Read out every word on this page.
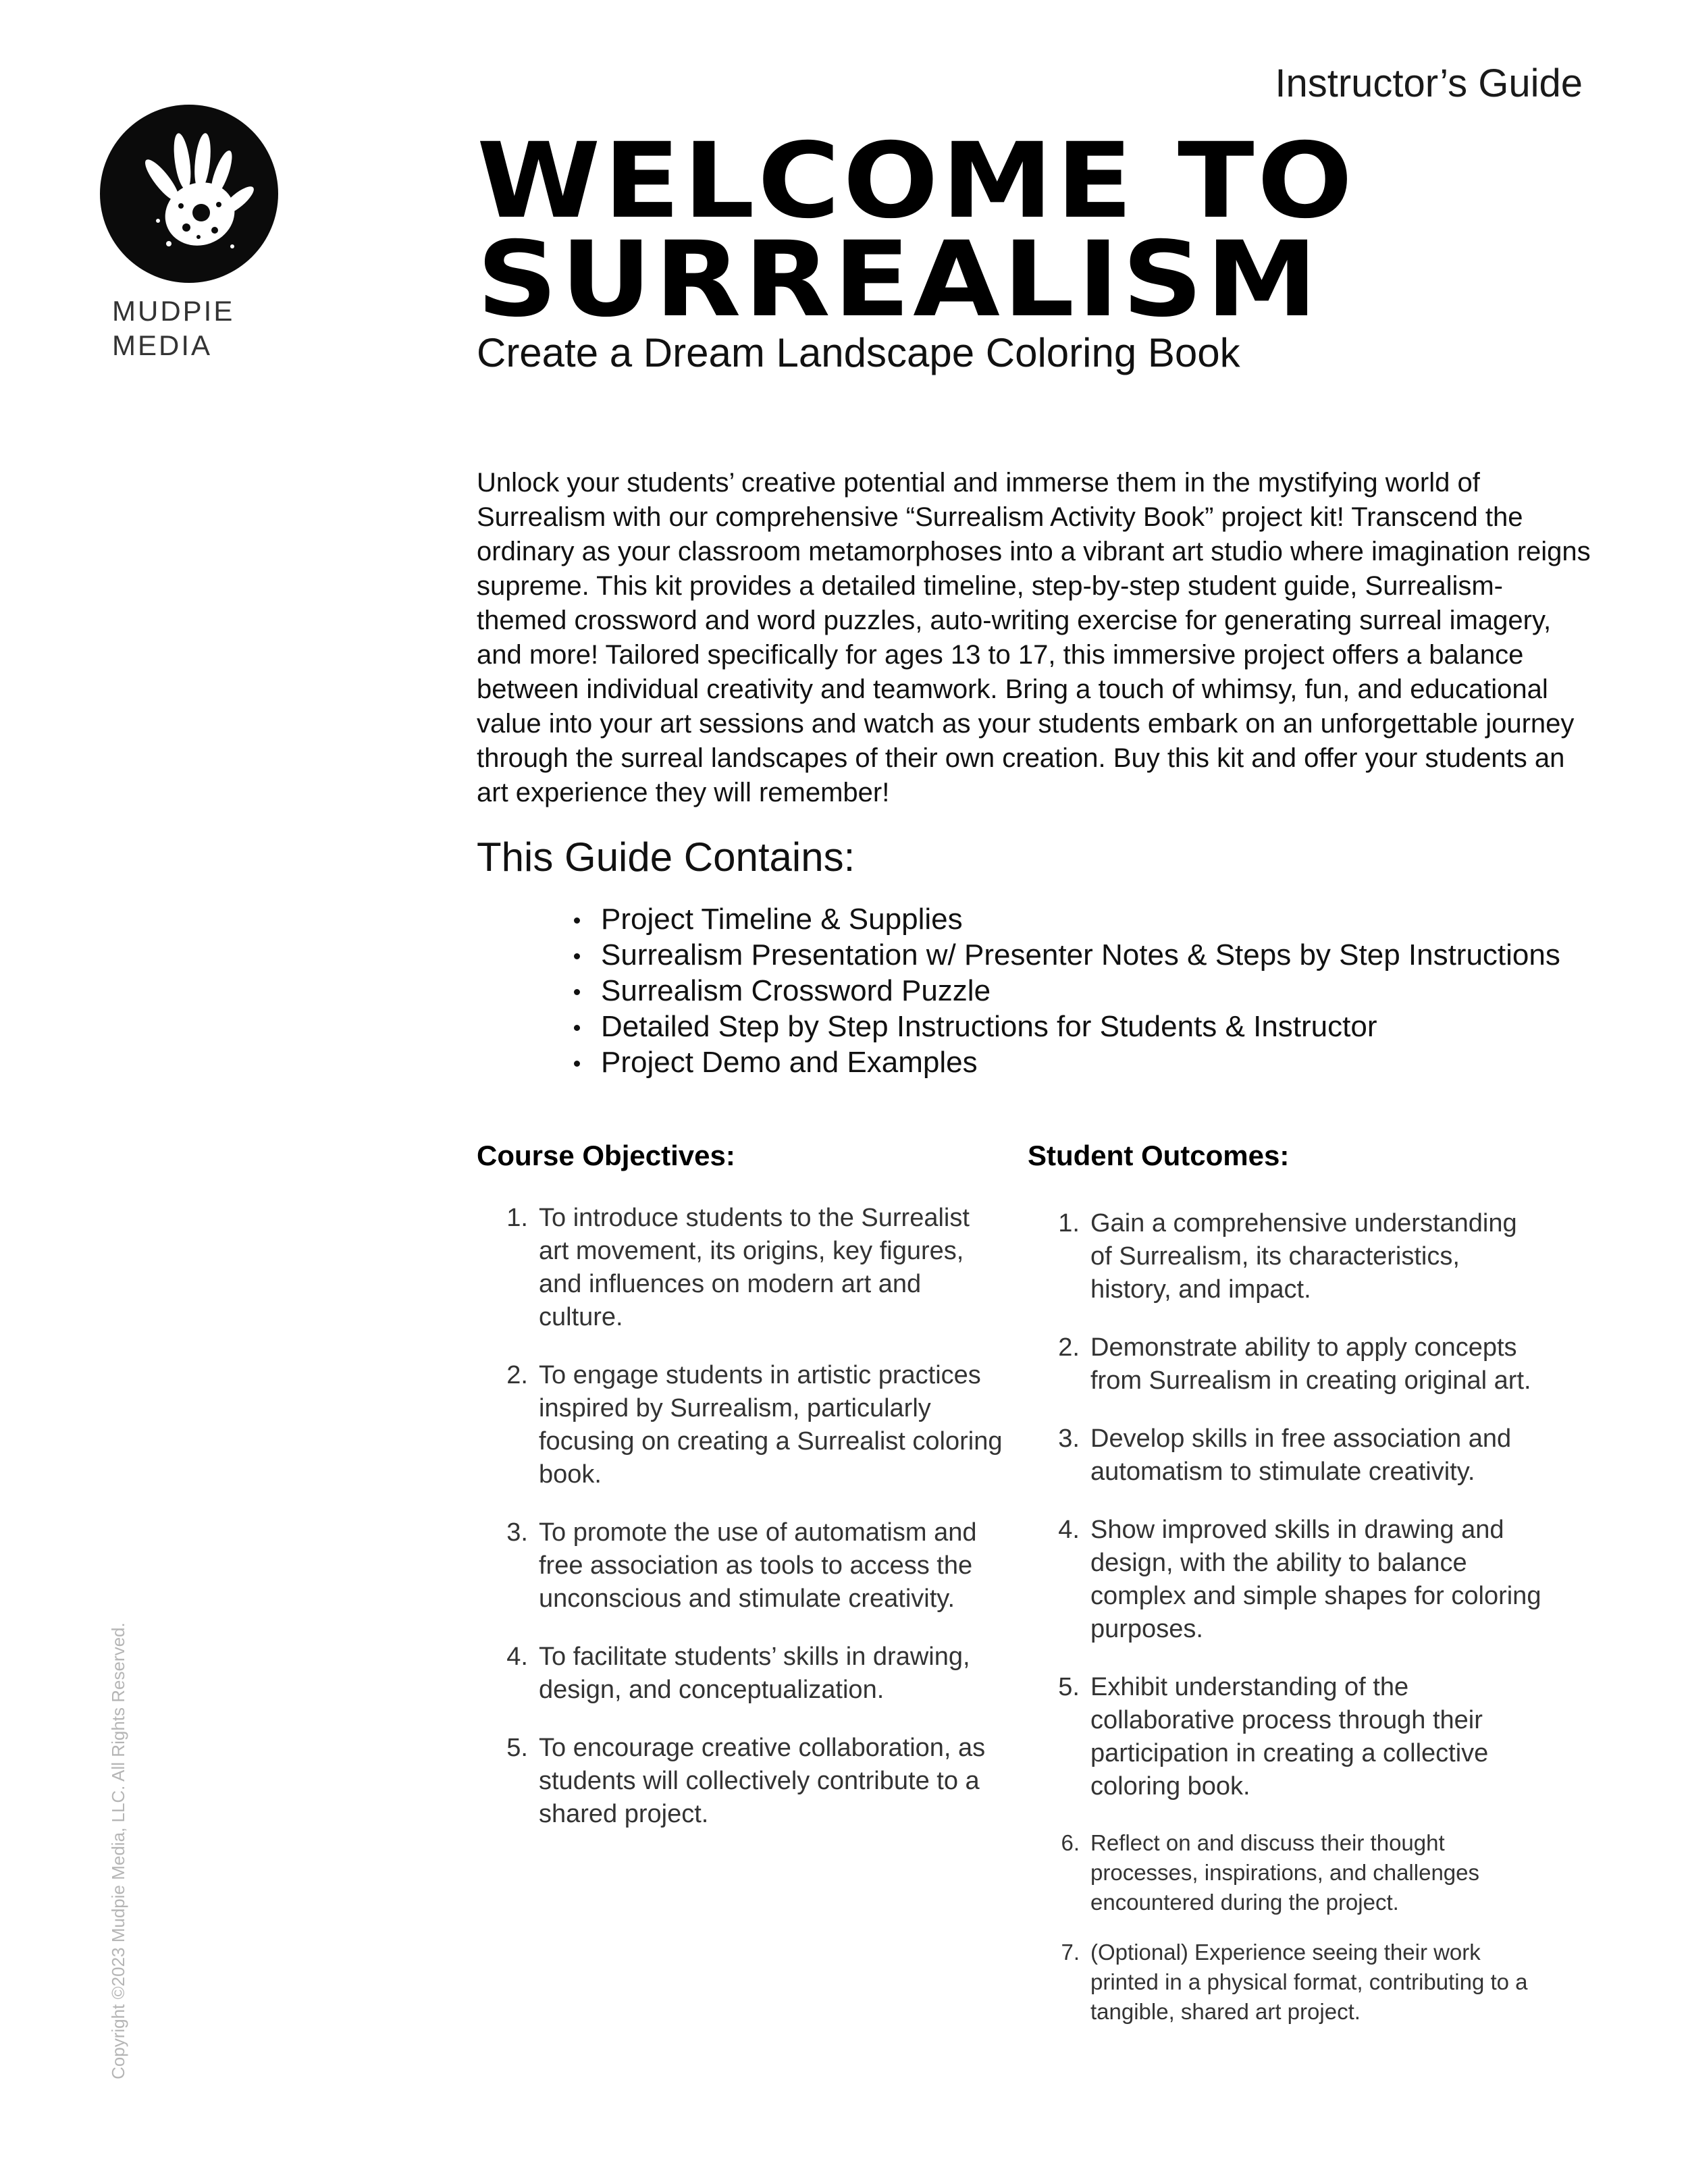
Instructor’s Guide
MUDPIE
MEDIA
WELCOME TO
SURREALISM
Create a Dream Landscape Coloring Book

Unlock your students’ creative potential and immerse them in the mystifying world of Surrealism with our comprehensive “Surrealism Activity Book” project kit! Transcend the ordinary as your classroom metamorphoses into a vibrant art studio where imagination reigns supreme. This kit provides a detailed timeline, step-by-step student guide, Surrealism-themed crossword and word puzzles, auto-writing exercise for generating surreal imagery, and more! Tailored specifically for ages 13 to 17, this immersive project offers a balance between individual creativity and teamwork. Bring a touch of whimsy, fun, and educational value into your art sessions and watch as your students embark on an unforgettable journey through the surreal landscapes of their own creation. Buy this kit and offer your students an art experience they will remember!

This Guide Contains:
Project Timeline & Supplies
Surrealism Presentation w/ Presenter Notes & Steps by Step Instructions
Surrealism Crossword Puzzle
Detailed Step by Step Instructions for Students & Instructor
Project Demo and Examples
Course Objectives:
1. To introduce students to the Surrealist art movement, its origins, key figures, and influences on modern art and culture.
2. To engage students in artistic practices inspired by Surrealism, particularly focusing on creating a Surrealist coloring book.
3. To promote the use of automatism and free association as tools to access the unconscious and stimulate creativity.
4. To facilitate students’ skills in drawing, design, and conceptualization.
5. To encourage creative collaboration, as students will collectively contribute to a shared project.
Student Outcomes:
1. Gain a comprehensive understanding of Surrealism, its characteristics, history, and impact.
2. Demonstrate ability to apply concepts from Surrealism in creating original art.
3. Develop skills in free association and automatism to stimulate creativity.
4. Show improved skills in drawing and design, with the ability to balance complex and simple shapes for coloring purposes.
5. Exhibit understanding of the collaborative process through their participation in creating a collective coloring book.
6. Reflect on and discuss their thought processes, inspirations, and challenges encountered during the project.
7. (Optional) Experience seeing their work printed in a physical format, contributing to a tangible, shared art project.
Copyright ©2023 Mudpie Media, LLC. All Rights Reserved.
